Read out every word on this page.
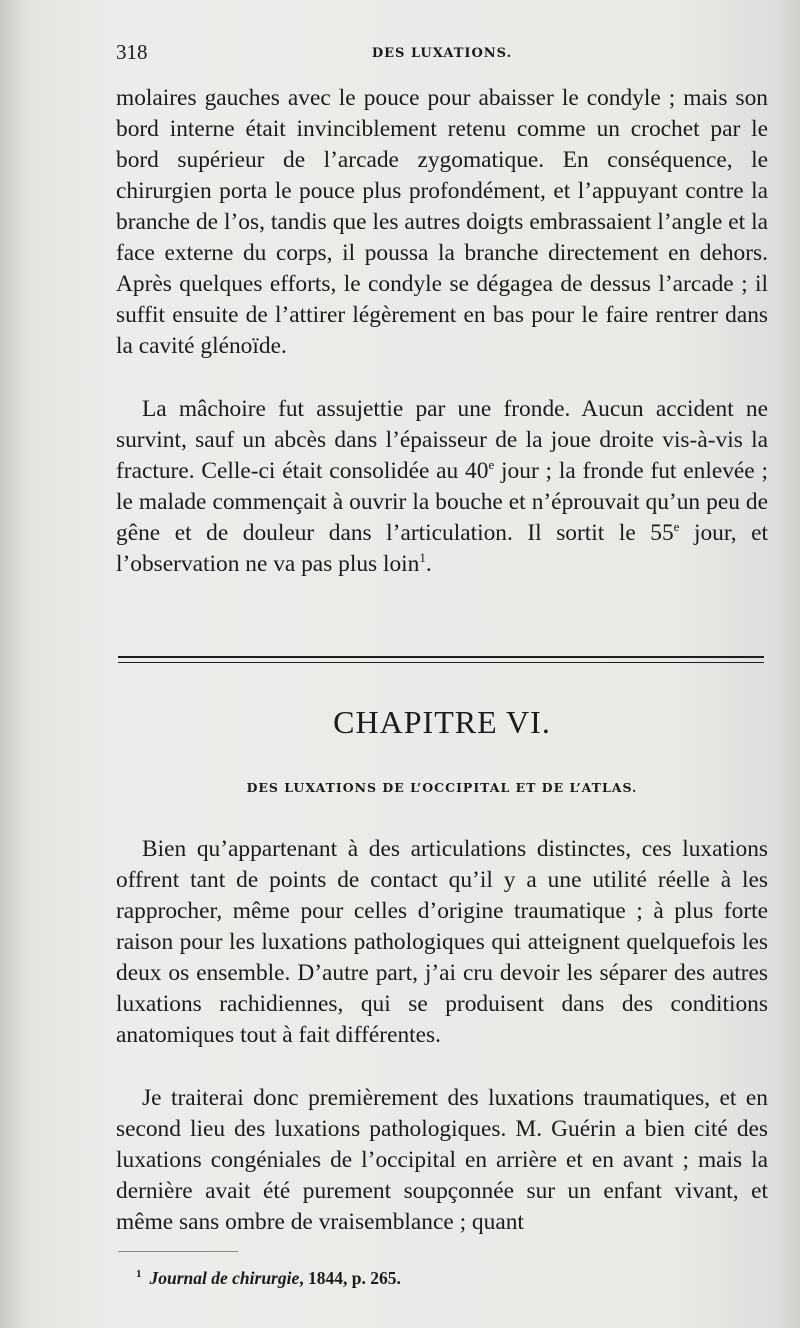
318	DES LUXATIONS.

molaires gauches avec le pouce pour abaisser le condyle ; mais son bord interne était invinciblement retenu comme un crochet par le bord supérieur de l’arcade zygomatique. En conséquence, le chirurgien porta le pouce plus profondément, et l’appuyant contre la branche de l’os, tandis que les autres doigts embrassaient l’angle et la face externe du corps, il poussa la branche directement en dehors. Après quelques efforts, le condyle se dégagea de dessus l’arcade ; il suffit ensuite de l’attirer légèrement en bas pour le faire rentrer dans la cavité glénoïde.

La mâchoire fut assujettie par une fronde. Aucun accident ne survint, sauf un abcès dans l’épaisseur de la joue droite vis-à-vis la fracture. Celle-ci était consolidée au 40e jour ; la fronde fut enlevée ; le malade commençait à ouvrir la bouche et n’éprouvait qu’un peu de gêne et de douleur dans l’articulation. Il sortit le 55e jour, et l’observation ne va pas plus loin$^1$.

CHAPITRE VI.
DES LUXATIONS DE L’OCCIPITAL ET DE L’ATLAS.

Bien qu’appartenant à des articulations distinctes, ces luxations offrent tant de points de contact qu’il y a une utilité réelle à les rapprocher, même pour celles d’origine traumatique ; à plus forte raison pour les luxations pathologiques qui atteignent quelquefois les deux os ensemble. D’autre part, j’ai cru devoir les séparer des autres luxations rachidiennes, qui se produisent dans des conditions anatomiques tout à fait différentes.

Je traiterai donc premièrement des luxations traumatiques, et en second lieu des luxations pathologiques. M. Guérin a bien cité des luxations congéniales de l’occipital en arrière et en avant ; mais la dernière avait été purement soupçonnée sur un enfant vivant, et même sans ombre de vraisemblance ; quant

$^1$ Journal de chirurgie, 1844, p. 265.
